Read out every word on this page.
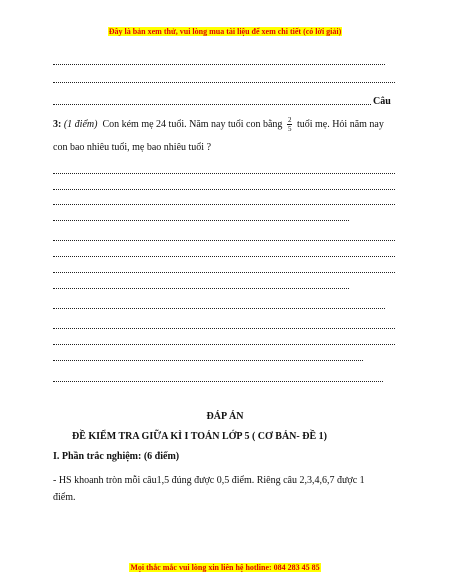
Đây là bản xem thử, vui lòng mua tài liệu để xem chi tiết (có lời giải)
Câu
3: (1 điểm) Con kém mẹ 24 tuổi. Năm nay tuổi con bằng $\frac{2}{5}$ tuổi mẹ. Hỏi năm nay
con bao nhiêu tuổi, mẹ bao nhiêu tuổi ?
ĐÁP ÁN
ĐỀ KIỂM TRA GIỮA KÌ I TOÁN LỚP 5 ( CƠ BẢN- ĐỀ 1)
I. Phần trắc nghiệm: (6 điểm)
- HS khoanh tròn mỗi câu1,5 đúng được 0,5 điểm. Riêng câu 2,3,4,6,7 được 1
điểm.
Mọi thắc mắc vui lòng xin liên hệ hotline: 084 283 45 85
